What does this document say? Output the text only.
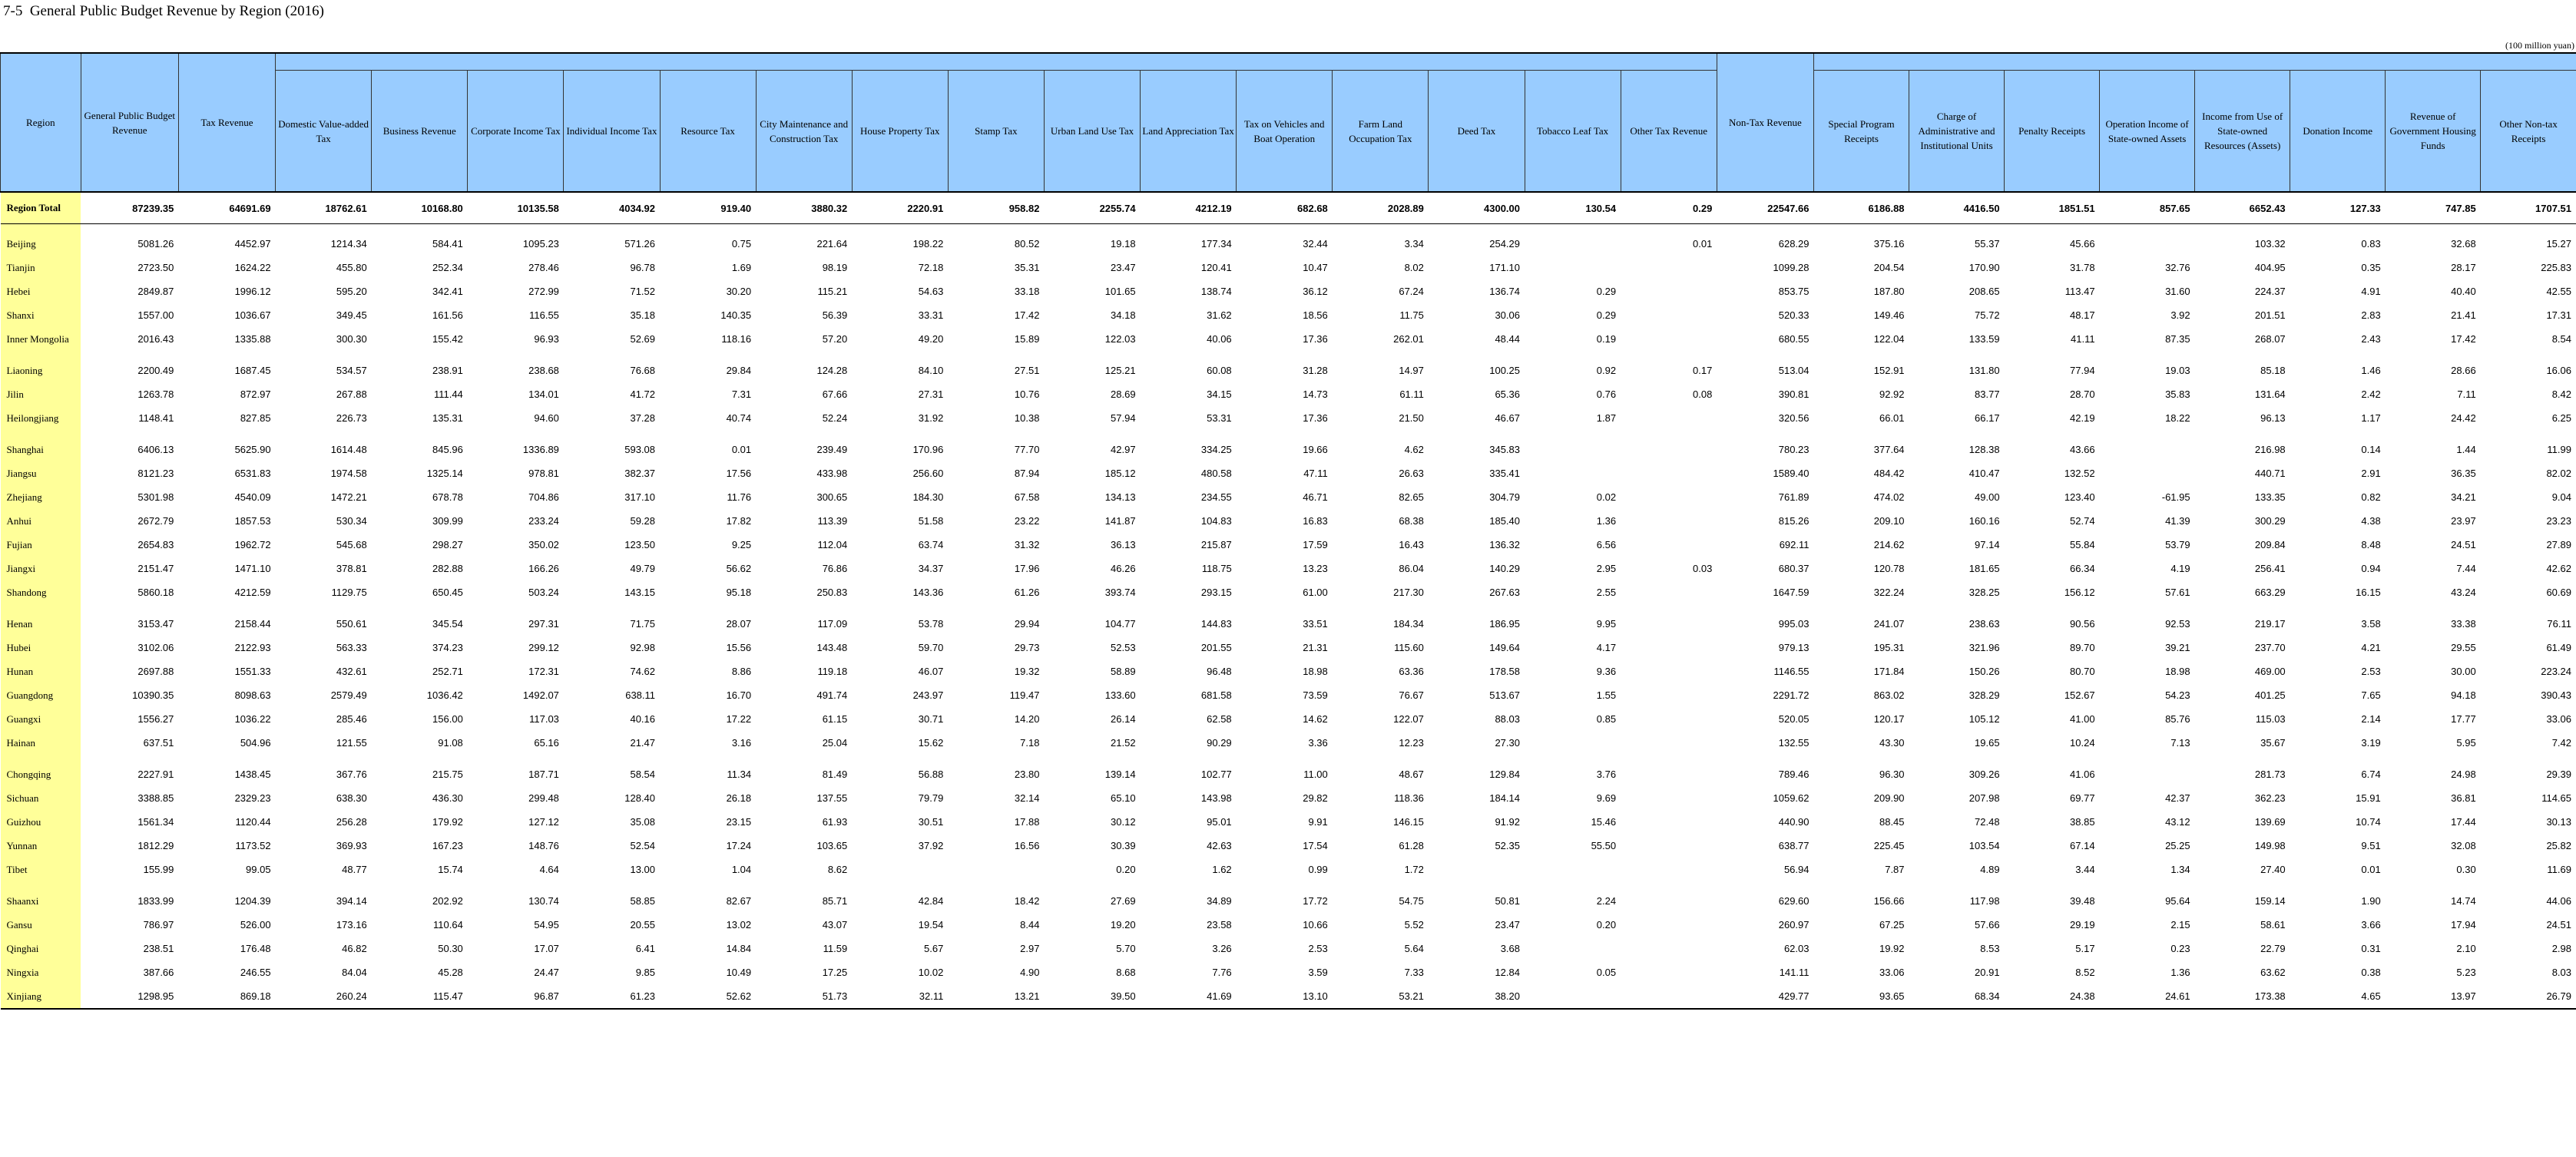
7-5  General Public Budget Revenue by Region (2016)
(100 million yuan)
Region	General Public Budget Revenue	Tax Revenue																Non-Tax Revenue								
			Domestic Value-added Tax	Business Revenue	Corporate Income Tax	Individual Income Tax	Resource Tax	City Maintenance and Construction Tax	House Property Tax	Stamp Tax	Urban Land Use Tax	Land Appreciation Tax	Tax on Vehicles and Boat Operation	Farm Land Occupation Tax	Deed Tax	Tobacco Leaf Tax	Other Tax Revenue		Special Program Receipts	Charge of Administrative and Institutional Units	Penalty Receipts	Operation Income of State-owned Assets	Income from Use of State-owned Resources (Assets)	Donation Income	Revenue of Government Housing Funds	Other Non-tax Receipts
Region Total	87239.35	64691.69	18762.61	10168.80	10135.58	4034.92	919.40	3880.32	2220.91	958.82	2255.74	4212.19	682.68	2028.89	4300.00	130.54	0.29	22547.66	6186.88	4416.50	1851.51	857.65	6652.43	127.33	747.85	1707.51

Beijing	5081.26	4452.97	1214.34	584.41	1095.23	571.26	0.75	221.64	198.22	80.52	19.18	177.34	32.44	3.34	254.29		0.01	628.29	375.16	55.37	45.66		103.32	0.83	32.68	15.27
Tianjin	2723.50	1624.22	455.80	252.34	278.46	96.78	1.69	98.19	72.18	35.31	23.47	120.41	10.47	8.02	171.10			1099.28	204.54	170.90	31.78	32.76	404.95	0.35	28.17	225.83
Hebei	2849.87	1996.12	595.20	342.41	272.99	71.52	30.20	115.21	54.63	33.18	101.65	138.74	36.12	67.24	136.74	0.29		853.75	187.80	208.65	113.47	31.60	224.37	4.91	40.40	42.55
Shanxi	1557.00	1036.67	349.45	161.56	116.55	35.18	140.35	56.39	33.31	17.42	34.18	31.62	18.56	11.75	30.06	0.29		520.33	149.46	75.72	48.17	3.92	201.51	2.83	21.41	17.31
Inner Mongolia	2016.43	1335.88	300.30	155.42	96.93	52.69	118.16	57.20	49.20	15.89	122.03	40.06	17.36	262.01	48.44	0.19		680.55	122.04	133.59	41.11	87.35	268.07	2.43	17.42	8.54

Liaoning	2200.49	1687.45	534.57	238.91	238.68	76.68	29.84	124.28	84.10	27.51	125.21	60.08	31.28	14.97	100.25	0.92	0.17	513.04	152.91	131.80	77.94	19.03	85.18	1.46	28.66	16.06
Jilin	1263.78	872.97	267.88	111.44	134.01	41.72	7.31	67.66	27.31	10.76	28.69	34.15	14.73	61.11	65.36	0.76	0.08	390.81	92.92	83.77	28.70	35.83	131.64	2.42	7.11	8.42
Heilongjiang	1148.41	827.85	226.73	135.31	94.60	37.28	40.74	52.24	31.92	10.38	57.94	53.31	17.36	21.50	46.67	1.87		320.56	66.01	66.17	42.19	18.22	96.13	1.17	24.42	6.25

Shanghai	6406.13	5625.90	1614.48	845.96	1336.89	593.08	0.01	239.49	170.96	77.70	42.97	334.25	19.66	4.62	345.83			780.23	377.64	128.38	43.66		216.98	0.14	1.44	11.99
Jiangsu	8121.23	6531.83	1974.58	1325.14	978.81	382.37	17.56	433.98	256.60	87.94	185.12	480.58	47.11	26.63	335.41			1589.40	484.42	410.47	132.52		440.71	2.91	36.35	82.02
Zhejiang	5301.98	4540.09	1472.21	678.78	704.86	317.10	11.76	300.65	184.30	67.58	134.13	234.55	46.71	82.65	304.79	0.02		761.89	474.02	49.00	123.40	-61.95	133.35	0.82	34.21	9.04
Anhui	2672.79	1857.53	530.34	309.99	233.24	59.28	17.82	113.39	51.58	23.22	141.87	104.83	16.83	68.38	185.40	1.36		815.26	209.10	160.16	52.74	41.39	300.29	4.38	23.97	23.23
Fujian	2654.83	1962.72	545.68	298.27	350.02	123.50	9.25	112.04	63.74	31.32	36.13	215.87	17.59	16.43	136.32	6.56		692.11	214.62	97.14	55.84	53.79	209.84	8.48	24.51	27.89
Jiangxi	2151.47	1471.10	378.81	282.88	166.26	49.79	56.62	76.86	34.37	17.96	46.26	118.75	13.23	86.04	140.29	2.95	0.03	680.37	120.78	181.65	66.34	4.19	256.41	0.94	7.44	42.62
Shandong	5860.18	4212.59	1129.75	650.45	503.24	143.15	95.18	250.83	143.36	61.26	393.74	293.15	61.00	217.30	267.63	2.55		1647.59	322.24	328.25	156.12	57.61	663.29	16.15	43.24	60.69

Henan	3153.47	2158.44	550.61	345.54	297.31	71.75	28.07	117.09	53.78	29.94	104.77	144.83	33.51	184.34	186.95	9.95		995.03	241.07	238.63	90.56	92.53	219.17	3.58	33.38	76.11
Hubei	3102.06	2122.93	563.33	374.23	299.12	92.98	15.56	143.48	59.70	29.73	52.53	201.55	21.31	115.60	149.64	4.17		979.13	195.31	321.96	89.70	39.21	237.70	4.21	29.55	61.49
Hunan	2697.88	1551.33	432.61	252.71	172.31	74.62	8.86	119.18	46.07	19.32	58.89	96.48	18.98	63.36	178.58	9.36		1146.55	171.84	150.26	80.70	18.98	469.00	2.53	30.00	223.24
Guangdong	10390.35	8098.63	2579.49	1036.42	1492.07	638.11	16.70	491.74	243.97	119.47	133.60	681.58	73.59	76.67	513.67	1.55		2291.72	863.02	328.29	152.67	54.23	401.25	7.65	94.18	390.43
Guangxi	1556.27	1036.22	285.46	156.00	117.03	40.16	17.22	61.15	30.71	14.20	26.14	62.58	14.62	122.07	88.03	0.85		520.05	120.17	105.12	41.00	85.76	115.03	2.14	17.77	33.06
Hainan	637.51	504.96	121.55	91.08	65.16	21.47	3.16	25.04	15.62	7.18	21.52	90.29	3.36	12.23	27.30			132.55	43.30	19.65	10.24	7.13	35.67	3.19	5.95	7.42

Chongqing	2227.91	1438.45	367.76	215.75	187.71	58.54	11.34	81.49	56.88	23.80	139.14	102.77	11.00	48.67	129.84	3.76		789.46	96.30	309.26	41.06		281.73	6.74	24.98	29.39
Sichuan	3388.85	2329.23	638.30	436.30	299.48	128.40	26.18	137.55	79.79	32.14	65.10	143.98	29.82	118.36	184.14	9.69		1059.62	209.90	207.98	69.77	42.37	362.23	15.91	36.81	114.65
Guizhou	1561.34	1120.44	256.28	179.92	127.12	35.08	23.15	61.93	30.51	17.88	30.12	95.01	9.91	146.15	91.92	15.46		440.90	88.45	72.48	38.85	43.12	139.69	10.74	17.44	30.13
Yunnan	1812.29	1173.52	369.93	167.23	148.76	52.54	17.24	103.65	37.92	16.56	30.39	42.63	17.54	61.28	52.35	55.50		638.77	225.45	103.54	67.14	25.25	149.98	9.51	32.08	25.82
Tibet	155.99	99.05	48.77	15.74	4.64	13.00	1.04	8.62			0.20	1.62	0.99	1.72				56.94	7.87	4.89	3.44	1.34	27.40	0.01	0.30	11.69

Shaanxi	1833.99	1204.39	394.14	202.92	130.74	58.85	82.67	85.71	42.84	18.42	27.69	34.89	17.72	54.75	50.81	2.24		629.60	156.66	117.98	39.48	95.64	159.14	1.90	14.74	44.06
Gansu	786.97	526.00	173.16	110.64	54.95	20.55	13.02	43.07	19.54	8.44	19.20	23.58	10.66	5.52	23.47	0.20		260.97	67.25	57.66	29.19	2.15	58.61	3.66	17.94	24.51
Qinghai	238.51	176.48	46.82	50.30	17.07	6.41	14.84	11.59	5.67	2.97	5.70	3.26	2.53	5.64	3.68			62.03	19.92	8.53	5.17	0.23	22.79	0.31	2.10	2.98
Ningxia	387.66	246.55	84.04	45.28	24.47	9.85	10.49	17.25	10.02	4.90	8.68	7.76	3.59	7.33	12.84	0.05		141.11	33.06	20.91	8.52	1.36	63.62	0.38	5.23	8.03
Xinjiang	1298.95	869.18	260.24	115.47	96.87	61.23	52.62	51.73	32.11	13.21	39.50	41.69	13.10	53.21	38.20			429.77	93.65	68.34	24.38	24.61	173.38	4.65	13.97	26.79
